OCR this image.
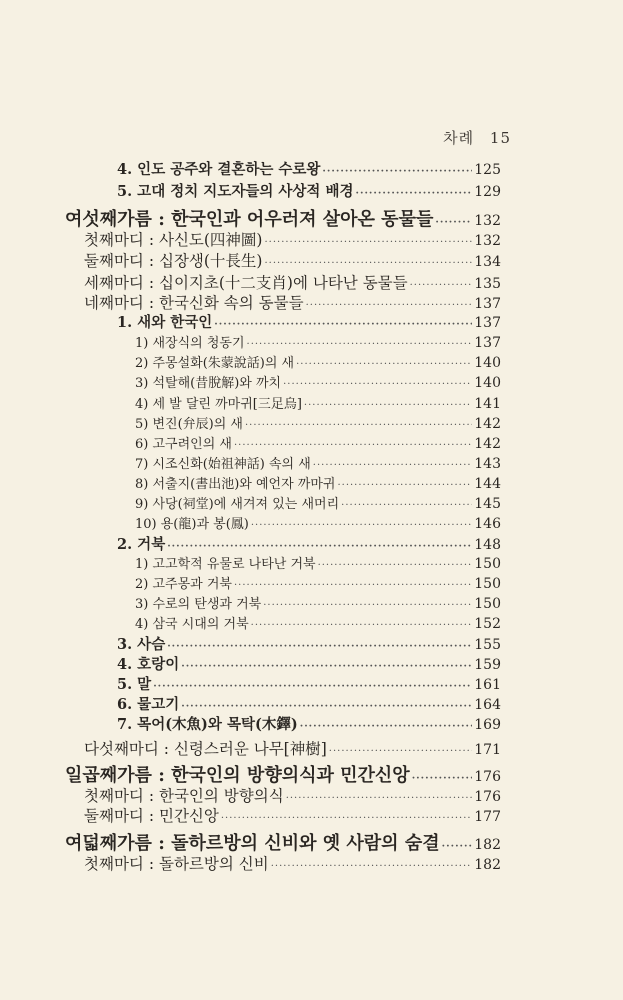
차례 15
4. 인도 공주와 결혼하는 수로왕 ·····	125
5. 고대 정치 지도자들의 사상적 배경 ·····	129
여섯째가름 : 한국인과 어우러져 살아온 동물들 ·····	132
첫째마디 : 사신도(四神圖) ·····	132
둘째마디 : 십장생(十長生) ·····	134
세째마디 : 십이지초(十二支肖)에 나타난 동물들 ·····	135
네째마디 : 한국신화 속의 동물들 ·····	137
1. 새와 한국인 ·····	137
1) 새장식의 청동기 ·····	137
2) 주몽설화(朱蒙說話)의 새 ·····	140
3) 석탈해(昔脫解)와 까치 ·····	140
4) 세 발 달린 까마귀[三足烏] ·····	141
5) 변진(弁辰)의 새 ·····	142
6) 고구려인의 새 ·····	142
7) 시조신화(始祖神話) 속의 새 ·····	143
8) 서출지(書出池)와 예언자 까마귀 ·····	144
9) 사당(祠堂)에 새겨져 있는 새머리 ·····	145
10) 용(龍)과 봉(鳳) ·····	146
2. 거북 ·····	148
1) 고고학적 유물로 나타난 거북 ·····	150
2) 고주몽과 거북 ·····	150
3) 수로의 탄생과 거북 ·····	150
4) 삼국 시대의 거북 ·····	152
3. 사슴 ·····	155
4. 호랑이 ·····	159
5. 말 ·····	161
6. 물고기 ·····	164
7. 목어(木魚)와 목탁(木鐸) ·····	169
다섯째마디 : 신령스러운 나무[神樹] ·····	171
일곱째가름 : 한국인의 방향의식과 민간신앙 ·····	176
첫째마디 : 한국인의 방향의식 ·····	176
둘째마디 : 민간신앙 ·····	177
여덟째가름 : 돌하르방의 신비와 옛 사람의 숨결 ····· 182
첫째마디 : 돌하르방의 신비 ·····	182
